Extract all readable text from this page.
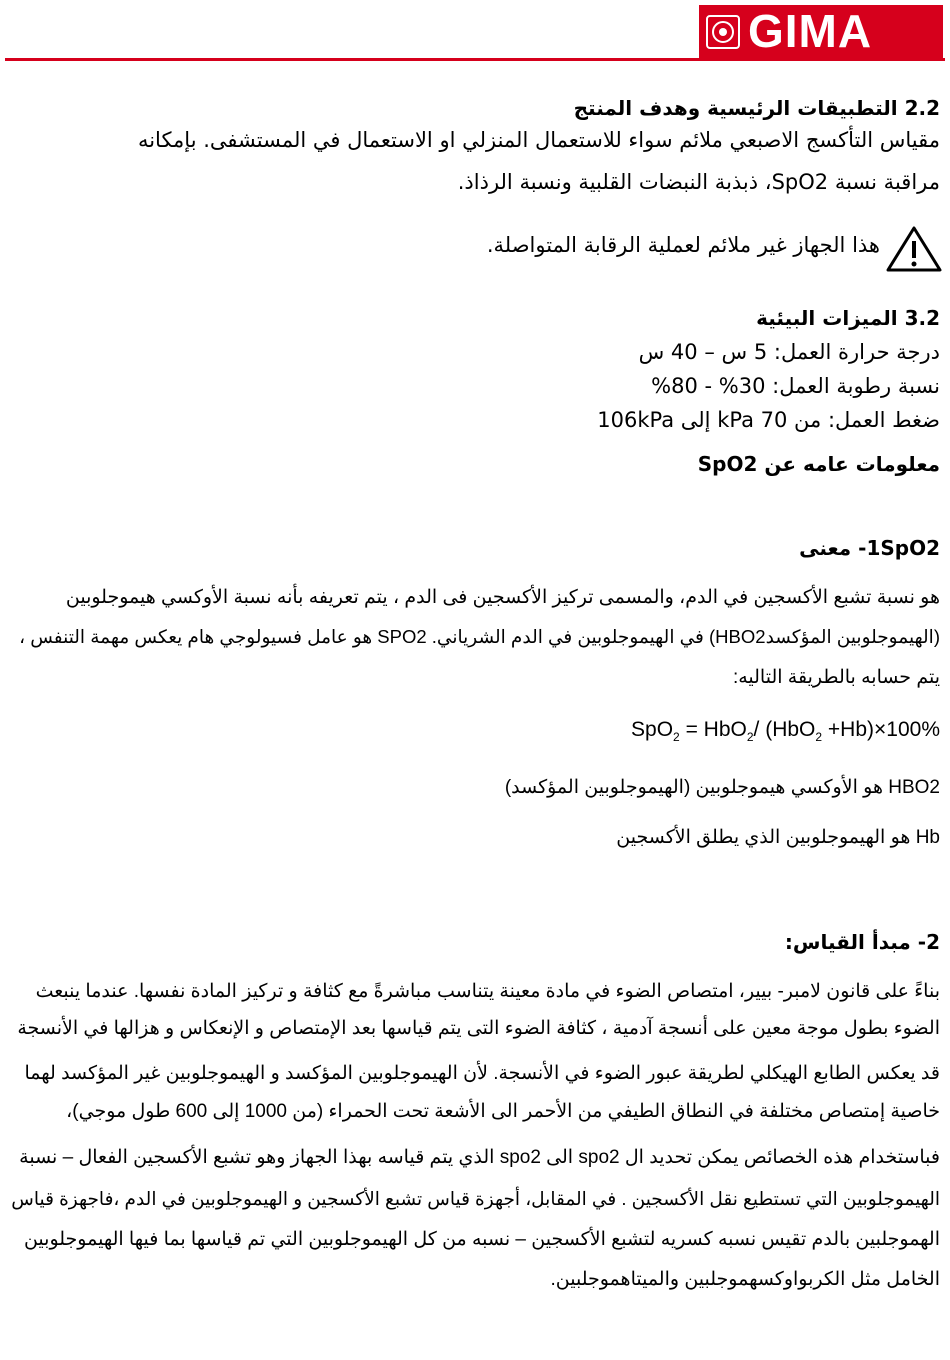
GIMA
2.2 التطبيقات الرئيسية وهدف المنتج
مقياس التأكسج الاصبعي ملائم سواء للاستعمال المنزلي او الاستعمال في المستشفى. بإمكانه
مراقبة نسبة SpO2، ذبذبة النبضات القلبية ونسبة الرذاذ.
هذا الجهاز غير ملائم لعملية الرقابة المتواصلة.
3.2 الميزات البيئية
درجة حرارة العمل: 5 س – 40 س
نسبة رطوبة العمل: 30% - 80%
ضغط العمل: من 70 kPa إلى 106kPa
معلومات عامه عن SpO2
1SpO2- معنى
هو نسبة تشبع الأكسجين في الدم، والمسمى تركيز الأكسجين فى الدم ، يتم تعريفه بأنه نسبة الأوكسي هيموجلوبين
(الهيموجلوبين المؤكسدHBO2) في الهيموجلوبين في الدم الشرياني. SPO2 هو عامل فسيولوجي هام يعكس مهمة التنفس ،
يتم حسابه بالطريقة التاليه:
SpO$_2$ = HbO$_2$/ (HbO$_2$ +Hb)×100%
HBO2 هو الأوكسي هيموجلوبين (الهيموجلوبين المؤكسد)
Hb هو الهيموجلوبين الذي يطلق الأكسجين
2- مبدأ القياس:
بناءً على قانون لامبر- بيير، امتصاص الضوء في مادة معينة يتناسب مباشرةً مع كثافة و تركيز المادة نفسها. عندما ينبعث
الضوء بطول موجة معين على أنسجة آدمية ، كثافة الضوء التى يتم قياسها بعد الإمتصاص و الإنعكاس و هزالها في الأنسجة
قد يعكس الطابع الهيكلي لطريقة عبور الضوء في الأنسجة. لأن الهيموجلوبين المؤكسد و الهيموجلوبين غير المؤكسد لهما
خاصية إمتصاص مختلفة في النطاق الطيفي من الأحمر الى الأشعة تحت الحمراء (من 1000 إلى 600 طول موجي)،
فباستخدام هذه الخصائص يمكن تحديد ال spo2 الى spo2 الذي يتم قياسه بهذا الجهاز وهو تشبع الأكسجين الفعال – نسبة
الهيموجلوبين التي تستطيع نقل الأكسجين . في المقابل، أجهزة قياس تشبع الأكسجين و الهيموجلوبين في الدم ،فاجهزة قياس
الهموجلبين بالدم تقيس نسبه كسريه لتشبع الأكسجين – نسبه من كل الهيموجلوبين التي تم قياسها بما فيها الهيموجلوبين
الخامل مثل الكربواوكسهموجلبين والميتاهموجلبين.
